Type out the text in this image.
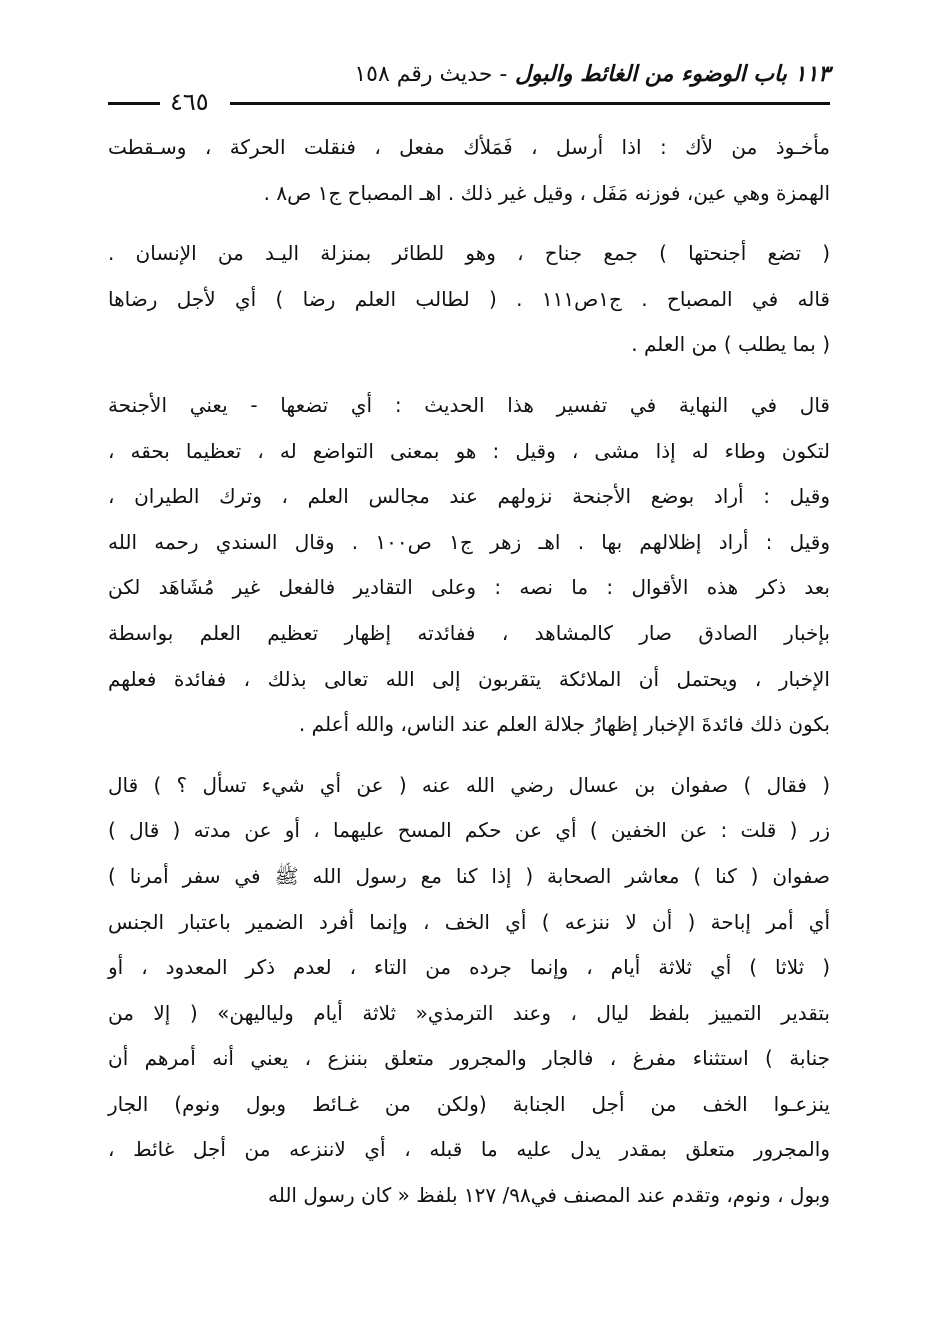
١١٣ باب الوضوء من الغائط والبول - حديث رقم ١٥٨
٤٦٥
مأخـوذ من لأك : اذا أرسل ، فَمَلأك مفعل ، فنقلت الحركة ، وسـقطت الهمزة وهي عين، فوزنه مَفَل ، وقيل غير ذلك . اهـ المصباح ج١ ص٨ .
( تضع أجنحتها ) جمع جناح ، وهو للطائر بمنزلة اليـد من الإنسان . قاله في المصباح . ج١ص١١١ . ( لطالب العلم رضا ) أي لأجل رضاها ( بما يطلب ) من العلم .
قال في النهاية في تفسير هذا الحديث : أي تضعها - يعني الأجنحة لتكون وطاء له إذا مشى ، وقيل : هو بمعنى التواضع له ، تعظيما بحقه ، وقيل : أراد بوضع الأجنحة نزولهم عند مجالس العلم ، وترك الطيران ، وقيل : أراد إظلالهم بها . اهـ زهر ج١ ص١٠٠ . وقال السندي رحمه الله بعد ذكر هذه الأقوال : ما نصه : وعلى التقادير فالفعل غير مُشَاهَد لكن بإخبار الصادق صار كالمشاهد ، ففائدته إظهار تعظيم العلم بواسطة الإخبار ، ويحتمل أن الملائكة يتقربون إلى الله تعالى بذلك ، ففائدة فعلهم بكون ذلك فائدةَ الإخبار إظهارُ جلالة العلم عند الناس، والله أعلم .
( فقال ) صفوان بن عسال رضي الله عنه ( عن أي شيء تسأل ؟ ) قال زر ( قلت : عن الخفين ) أي عن حكم المسح عليهما ، أو عن مدته ( قال ) صفوان ( كنا ) معاشر الصحابة ( إذا كنا مع رسول الله ﷺ في سفر أمرنا ) أي أمر إباحة ( أن لا ننزعه ) أي الخف ، وإنما أفرد الضمير باعتبار الجنس ( ثلاثا ) أي ثلاثة أيام ، وإنما جرده من التاء ، لعدم ذكر المعدود ، أو بتقدير التمييز بلفظ ليال ، وعند الترمذي« ثلاثة أيام ولياليهن» ( إلا من جنابة ) استثناء مفرغ ، فالجار والمجرور متعلق بننزع ، يعني أنه أمرهم أن ينزعـوا الخف من أجل الجنابة (ولكن من غـائط وبول ونوم) الجار والمجرور متعلق بمقدر يدل عليه ما قبله ، أي لاننزعه من أجل غائط ، وبول ، ونوم، وتقدم عند المصنف في٩٨/ ١٢٧ بلفظ « كان رسول الله
